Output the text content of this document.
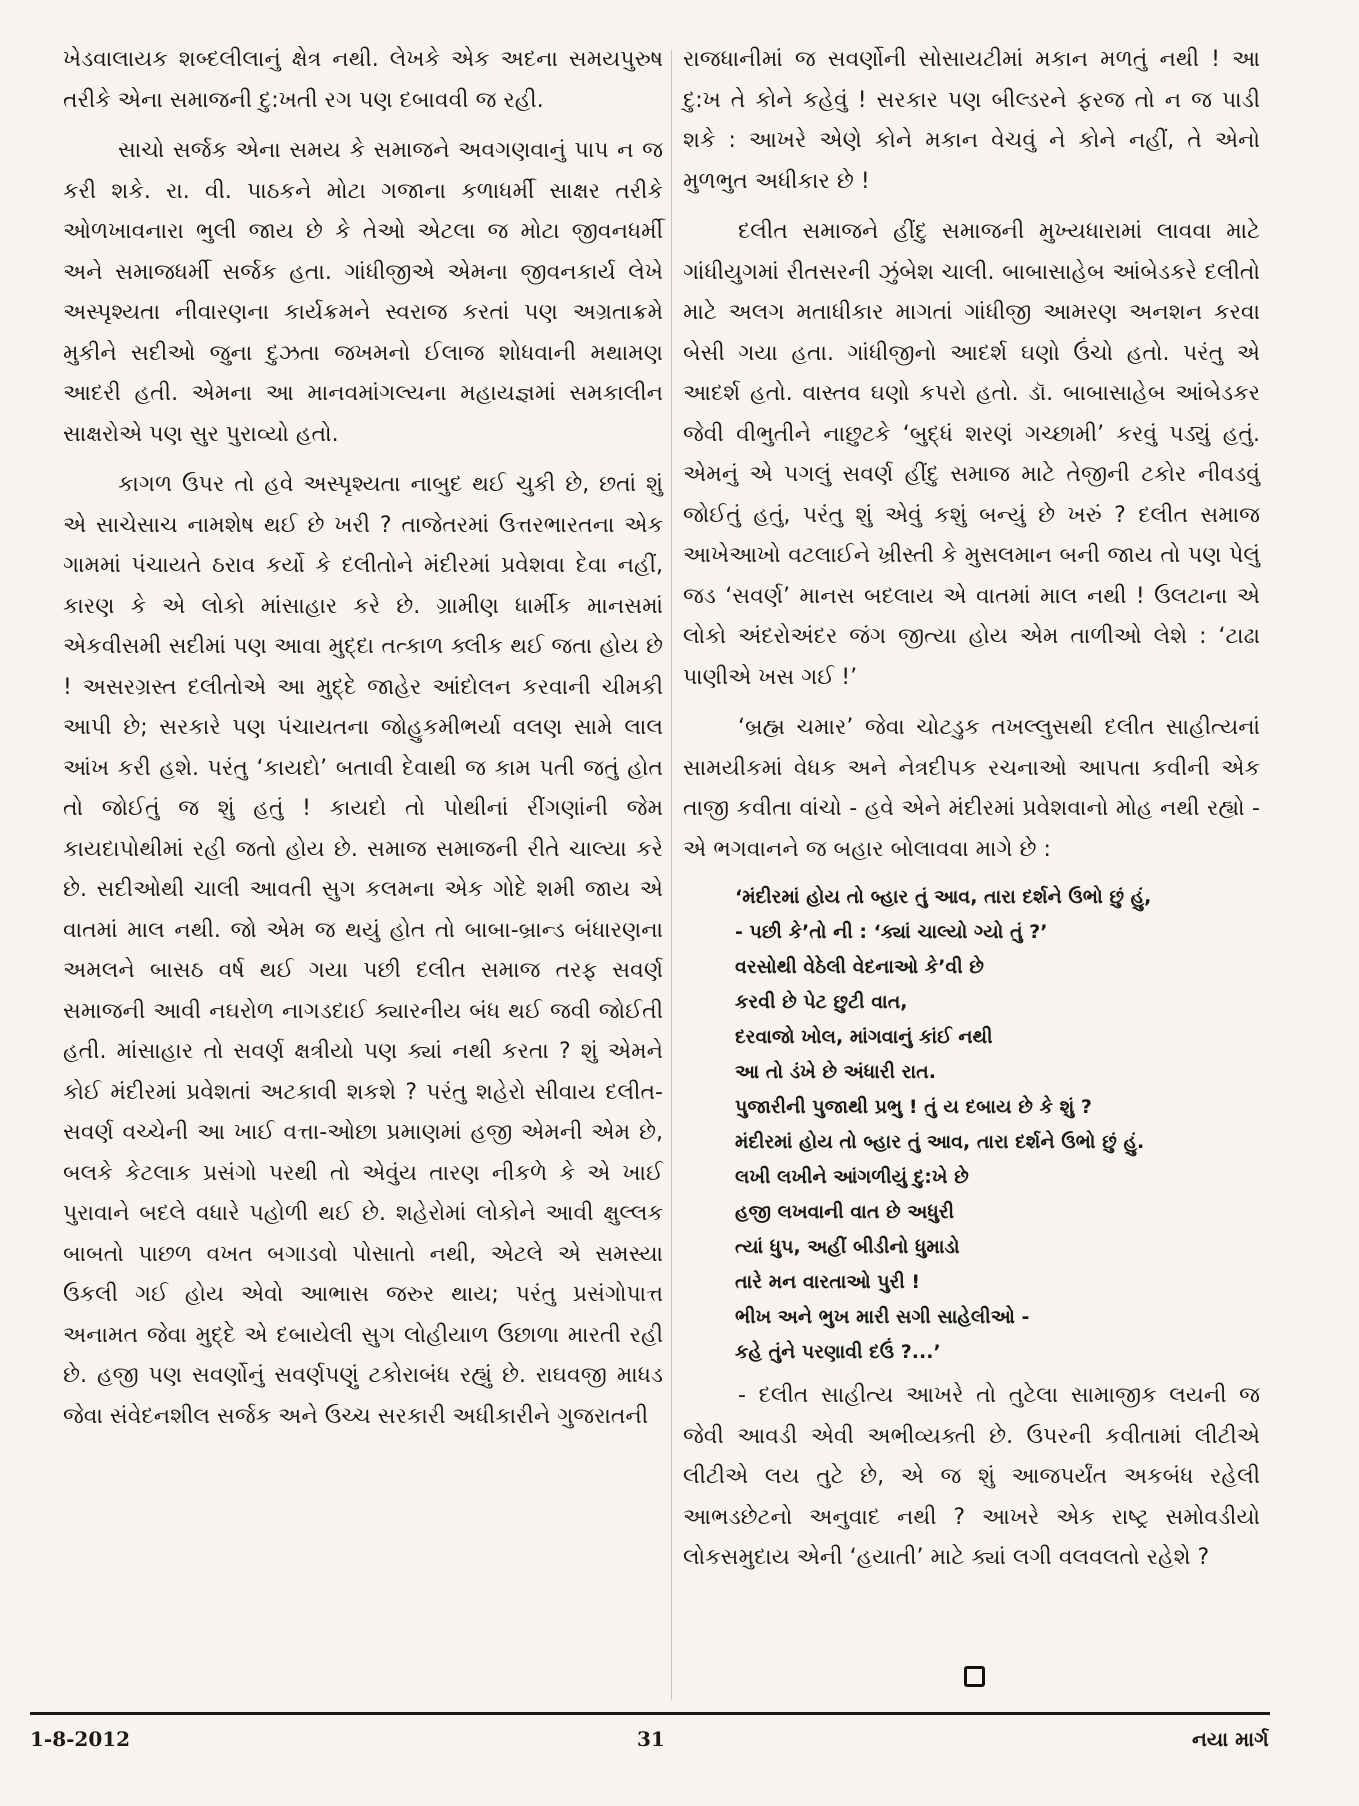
ખેડવાલાયક શબ્દલીલાનું ક્ષેત્ર નથી. લેખકે એક અદના સમયપુરુષ તરીકે એના સમાજની દુ:ખતી રગ પણ દબાવવી જ રહી.

સાચો સર્જક એના સમય કે સમાજને અવગણવાનું પાપ ન જ કરી શકે. રા. વી. પાઠકને મોટા ગજાના કળાધર્મી સાક્ષર તરીકે ઓળખાવનારા ભુલી જાય છે કે તેઓ એટલા જ મોટા જીવનધર્મી અને સમાજધર્મી સર્જક હતા. ગાંધીજીએ એમના જીવનકાર્ય લેખે અસ્પૃશ્યતા નીવારણના કાર્યક્રમને સ્વરાજ કરતાં પણ અગ્રતાક્રમે મુકીને સદીઓ જુના દુઝતા જખમનો ઈલાજ શોધવાની મથામણ આદરી હતી. એમના આ માનવમાંગલ્યના મહાયજ્ઞમાં સમકાલીન સાક્ષરોએ પણ સુર પુરાવ્યો હતો.

કાગળ ઉપર તો હવે અસ્પૃશ્યતા નાબુદ થઈ ચુકી છે, છતાં શું એ સાચેસાચ નામશેષ થઈ છે ખરી ? તાજેતરમાં ઉત્તરભારતના એક ગામમાં પંચાયતે ઠરાવ કર્યો કે દલીતોને મંદીરમાં પ્રવેશવા દેવા નહીં, કારણ કે એ લોકો માંસાહાર કરે છે. ગ્રામીણ ધાર્મીક માનસમાં એકવીસમી સદીમાં પણ આવા મુદ્દા તત્કાળ ક્લીક થઈ જતા હોય છે ! અસરગ્રસ્ત દલીતોએ આ મુદ્દે જાહેર આંદોલન કરવાની ચીમકી આપી છે; સરકારે પણ પંચાયતના જોહુકમીભર્યા વલણ સામે લાલ આંખ કરી હશે. પરંતુ ‘કાયદો’ બતાવી દેવાથી જ કામ પતી જતું હોત તો જોઈતું જ શું હતું ! કાયદો તો પોથીનાં રીંગણાંની જેમ કાયદાપોથીમાં રહી જતો હોય છે. સમાજ સમાજની રીતે ચાલ્યા કરે છે. સદીઓથી ચાલી આવતી સુગ કલમના એક ગોદે શમી જાય એ વાતમાં માલ નથી. જો એમ જ થયું હોત તો બાબા-બ્રાન્ડ બંધારણના અમલને બાસઠ વર્ષ થઈ ગયા પછી દલીત સમાજ તરફ સવર્ણ સમાજની આવી નઘરોળ નાગડદાઈ ક્યારનીય બંધ થઈ જવી જોઈતી હતી. માંસાહાર તો સવર્ણ ક્ષત્રીયો પણ ક્યાં નથી કરતા ? શું એમને કોઈ મંદીરમાં પ્રવેશતાં અટકાવી શકશે ? પરંતુ શહેરો સીવાય દલીત-સવર્ણ વચ્ચેની આ ખાઈ વત્તા-ઓછા પ્રમાણમાં હજી એમની એમ છે, બલકે કેટલાક પ્રસંગો પરથી તો એવુંય તારણ નીકળે કે એ ખાઈ પુરાવાને બદલે વધારે પહોળી થઈ છે. શહેરોમાં લોકોને આવી ક્ષુલ્લક બાબતો પાછળ વખત બગાડવો પોસાતો નથી, એટલે એ સમસ્યા ઉકલી ગઈ હોય એવો આભાસ જરુર થાય; પરંતુ પ્રસંગોપાત્ત અનામત જેવા મુદ્દે એ દબાયેલી સુગ લોહીયાળ ઉછાળા મારતી રહી છે. હજી પણ સવર્ણોનું સવર્ણપણું ટકોરાબંધ રહ્યું છે. રાઘવજી માધડ જેવા સંવેદનશીલ સર્જક અને ઉચ્ચ સરકારી અધીકારીને ગુજરાતની

રાજધાનીમાં જ સવર્ણોની સોસાયટીમાં મકાન મળતું નથી ! આ દુ:ખ તે કોને કહેવું ! સરકાર પણ બીલ્ડરને ફરજ તો ન જ પાડી શકે : આખરે એણે કોને મકાન વેચવું ને કોને નહીં, તે એનો મુળભુત અધીકાર છે !

દલીત સમાજને હીંદુ સમાજની મુખ્યધારામાં લાવવા માટે ગાંધીયુગમાં રીતસરની ઝુંબેશ ચાલી. બાબાસાહેબ આંબેડકરે દલીતો માટે અલગ મતાધીકાર માગતાં ગાંધીજી આમરણ અનશન કરવા બેસી ગયા હતા. ગાંધીજીનો આદર્શ ઘણો ઉંચો હતો. પરંતુ એ આદર્શ હતો. વાસ્તવ ઘણો કપરો હતો. ડૉ. બાબાસાહેબ આંબેડકર જેવી વીભુતીને નાછુટકે ‘બુદ્ધં શરણં ગચ્છામી’ કરવું પડ્યું હતું. એમનું એ પગલું સવર્ણ હીંદુ સમાજ માટે તેજીની ટકોર નીવડવું જોઈતું હતું, પરંતુ શું એવું કશું બન્યું છે ખરું ? દલીત સમાજ આખેઆખો વટલાઈને ખ્રીસ્તી કે મુસલમાન બની જાય તો પણ પેલું જડ ‘સવર્ણ’ માનસ બદલાય એ વાતમાં માલ નથી ! ઉલટાના એ લોકો અંદરોઅંદર જંગ જીત્યા હોય એમ તાળીઓ લેશે : ‘ટાઢા પાણીએ ખસ ગઈ !’

‘બ્રહ્મ ચમાર’ જેવા ચોટડુક તખલ્લુસથી દલીત સાહીત્યનાં સામયીકમાં વેધક અને નેત્રદીપક રચનાઓ આપતા કવીની એક તાજી કવીતા વાંચો - હવે એને મંદીરમાં પ્રવેશવાનો મોહ નથી રહ્યો - એ ભગવાનને જ બહાર બોલાવવા માગે છે :

‘મંદીરમાં હોય તો બ્હાર તું આવ, તારા દર્શને ઉભો છું હું,
- પછી કે’તો ની : ‘ક્યાં ચાલ્યો ગ્યો તું ?’
વરસોથી વેઠેલી વેદનાઓ કે’વી છે
કરવી છે પેટ છુટી વાત,
દરવાજો ખોલ, માંગવાનું કાંઈ નથી
આ તો ડંખે છે અંધારી રાત.
પુજારીની પુજાથી પ્રભુ ! તું ય દબાય છે કે શું ?
મંદીરમાં હોય તો બ્હાર તું આવ, તારા દર્શને ઉભો છું હું.
લખી લખીને આંગળીયું દુ:ખે છે
હજી લખવાની વાત છે અધુરી
ત્યાં ધુપ, અહીં બીડીનો ધુમાડો
તારે મન વારતાઓ પુરી !
ભીખ અને ભુખ મારી સગી સાહેલીઓ -
કહે તુંને પરણાવી દઉં ?...’

- દલીત સાહીત્ય આખરે તો તુટેલા સામાજીક લયની જ જેવી આવડી એવી અભીવ્યક્તી છે. ઉપરની કવીતામાં લીટીએ લીટીએ લય તુટે છે, એ જ શું આજપર્યંત અકબંધ રહેલી આભડછેટનો અનુવાદ નથી ? આખરે એક રાષ્ટ્ર સમોવડીયો લોકસમુદાય એની ‘હયાતી’ માટે ક્યાં લગી વલવલતો રહેશે ?

1-8-2012	31	નયા માર્ગ
